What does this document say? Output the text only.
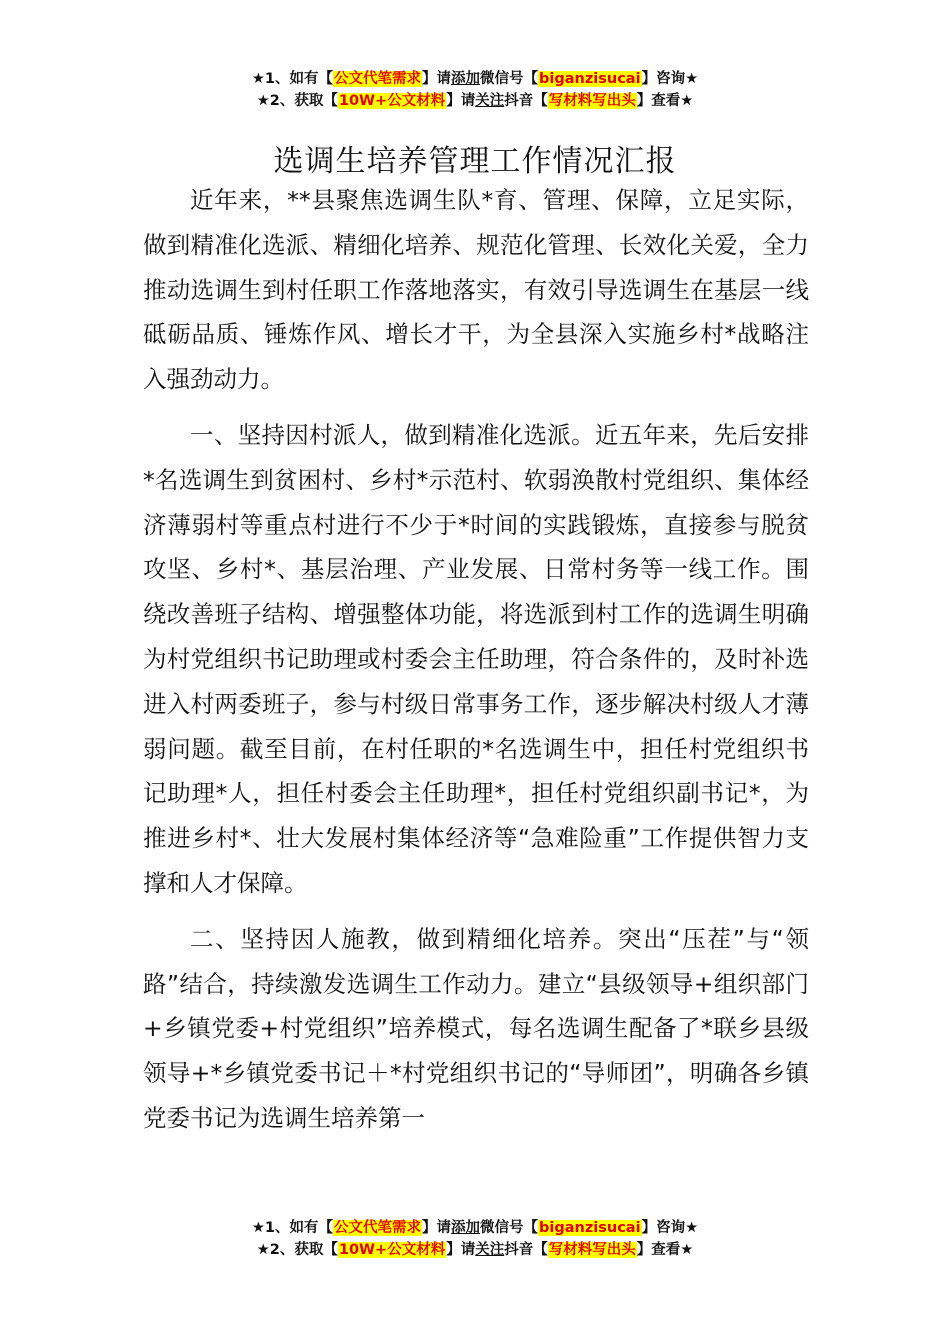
★1、如有【公文代笔需求】请添加微信号【biganzisucai】咨询★
★2、获取【10W+公文材料】请关注抖音【写材料写出头】查看★
选调生培养管理工作情况汇报

近年来，**县聚焦选调生队*育、管理、保障，立足实际，做到精准化选派、精细化培养、规范化管理、长效化关爱，全力推动选调生到村任职工作落地落实，有效引导选调生在基层一线砥砺品质、锤炼作风、增长才干，为全县深入实施乡村*战略注入强劲动力。

一、坚持因村派人，做到精准化选派。近五年来，先后安排*名选调生到贫困村、乡村*示范村、软弱涣散村党组织、集体经济薄弱村等重点村进行不少于*时间的实践锻炼，直接参与脱贫攻坚、乡村*、基层治理、产业发展、日常村务等一线工作。围绕改善班子结构、增强整体功能，将选派到村工作的选调生明确为村党组织书记助理或村委会主任助理，符合条件的，及时补选进入村两委班子，参与村级日常事务工作，逐步解决村级人才薄弱问题。截至目前，在村任职的*名选调生中，担任村党组织书记助理*人，担任村委会主任助理*，担任村党组织副书记*，为推进乡村*、壮大发展村集体经济等“急难险重”工作提供智力支撑和人才保障。

二、坚持因人施教，做到精细化培养。突出“压茬”与“领路”结合，持续激发选调生工作动力。建立“县级领导+组织部门+乡镇党委+村党组织”培养模式，每名选调生配备了*联乡县级领导+*乡镇党委书记＋*村党组织书记的“导师团”，明确各乡镇党委书记为选调生培养第一

★1、如有【公文代笔需求】请添加微信号【biganzisucai】咨询★
★2、获取【10W+公文材料】请关注抖音【写材料写出头】查看★
